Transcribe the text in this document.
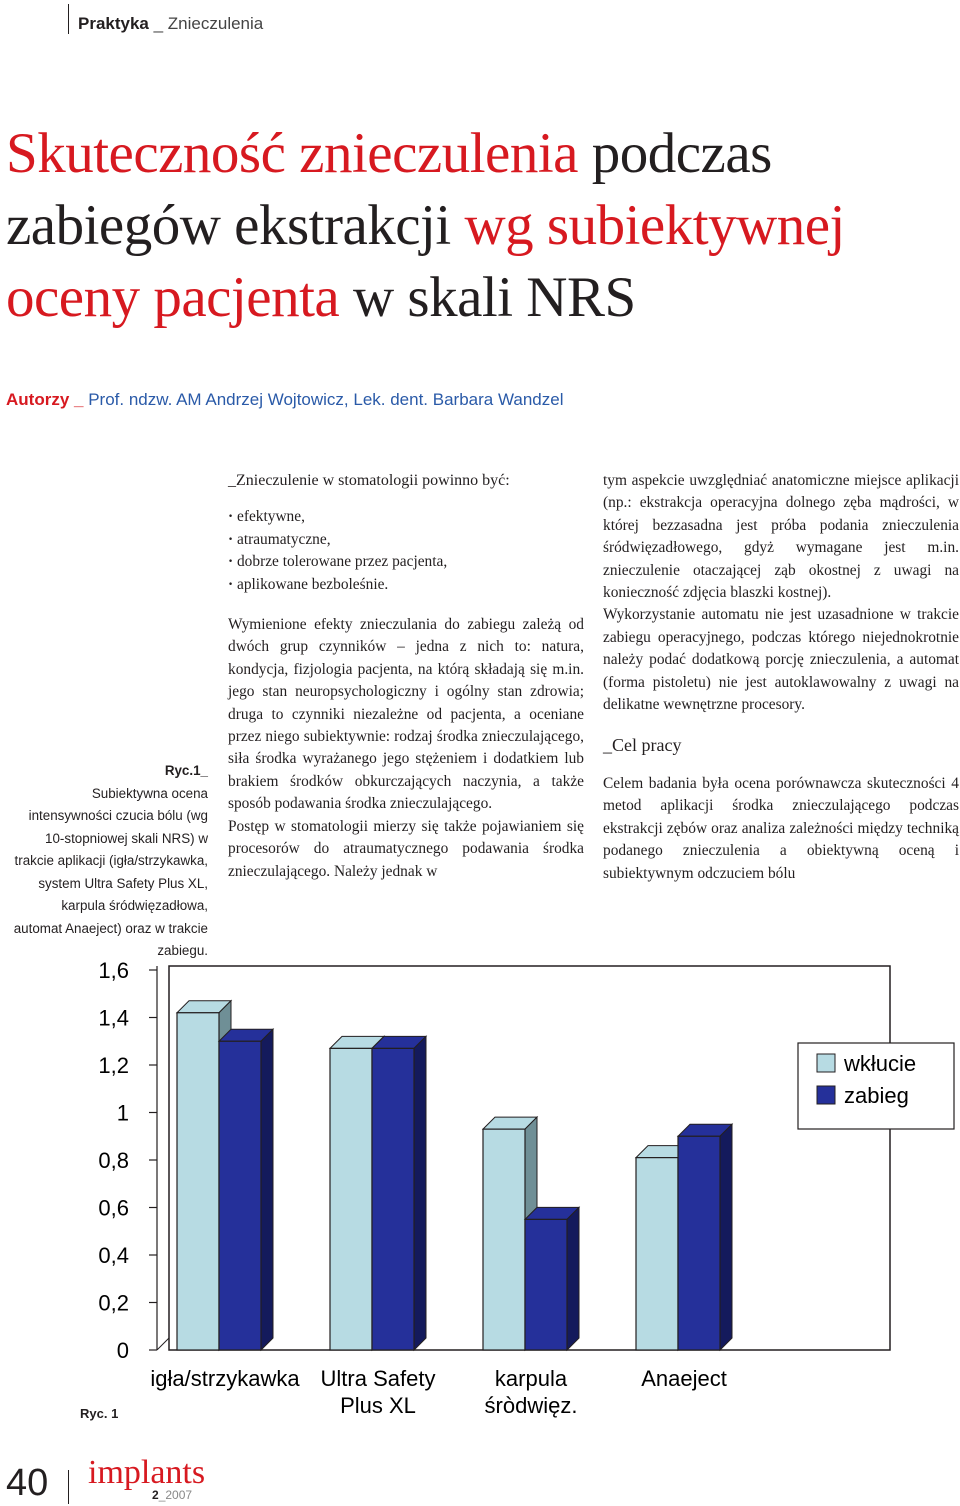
Praktyka _ Znieczulenia
Skuteczność znieczulenia podczas zabiegów ekstrakcji wg subiektywnej oceny pacjenta w skali NRS
Autorzy _ Prof. ndzw. AM Andrzej Wojtowicz, Lek. dent. Barbara Wandzel
Ryc.1_
Subiektywna ocena intensywności czucia bólu (wg 10-stopniowej skali NRS) w trakcie aplikacji (igła/strzykawka, system Ultra Safety Plus XL, karpula śródwięzadłowa, automat Anaeject) oraz w trakcie zabiegu.
_Znieczulenie w stomatologii powinno być:
· efektywne,
· atraumatyczne,
· dobrze tolerowane przez pacjenta,
· aplikowane bezboleśnie.

Wymienione efekty znieczulania do zabiegu zależą od dwóch grup czynników – jedna z nich to: natura, kondycja, fizjologia pacjenta, na którą składają się m.in. jego stan neuropsychologiczny i ogólny stan zdrowia; druga to czynniki niezależne od pacjenta, a oceniane przez niego subiektywnie: rodzaj środka znieczulającego, siła środka wyrażanego jego stężeniem i dodatkiem lub brakiem środków obkurczających naczynia, a także sposób podawania środka znieczulającego.

Postęp w stomatologii mierzy się także pojawianiem się procesorów do atraumatycznego podawania środka znieczulającego. Należy jednak w

tym aspekcie uwzględniać anatomiczne miejsce aplikacji (np.: ekstrakcja operacyjna dolnego zęba mądrości, w której bezzasadna jest próba podania znieczulenia śródwięzadłowego, gdyż wymagane jest m.in. znieczulenie otaczającej ząb okostnej z uwagi na konieczność zdjęcia blaszki kostnej).

Wykorzystanie automatu nie jest uzasadnione w trakcie zabiegu operacyjnego, podczas którego niejednokrotnie należy podać dodatkową porcję znieczulenia, a automat (forma pistoletu) nie jest autoklawowalny z uwagi na delikatne wewnętrzne procesory.

_Cel pracy

Celem badania była ocena porównawcza skuteczności 4 metod aplikacji środka znieczulającego podczas ekstrakcji zębów oraz analiza zależności między techniką podanego znieczulenia a obiektywną oceną i subiektywnym odczuciem bólu

1,6
1,4
1,2
1
0,8
0,6
0,4
0,2
0
igła/strzykawka Ultra Safety
Plus XL
karpula
śròdwięz.
Anaeject
wkłucie
zabieg
Ryc. 1
40 implants
2_2007
